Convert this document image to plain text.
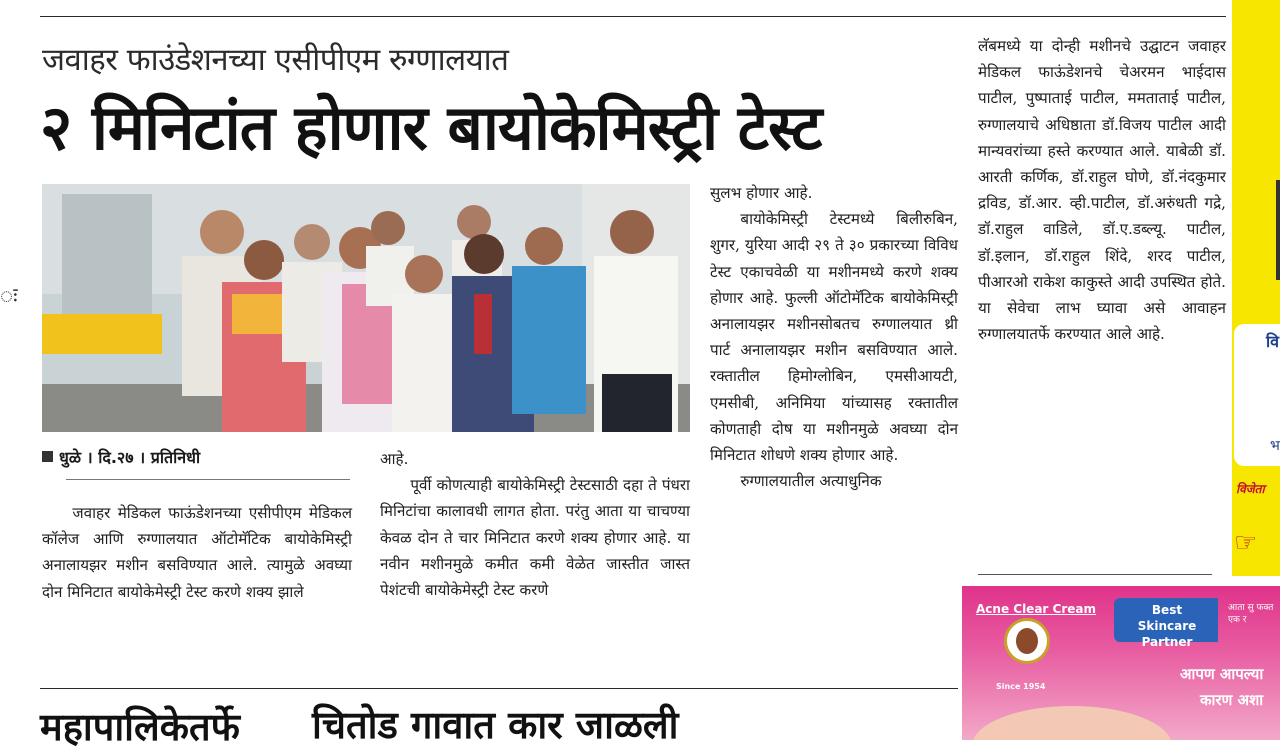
ः
जवाहर फाउंडेशनच्या एसीपीएम रुग्णालयात
२ मिनिटांत होणार बायोकेमिस्ट्री टेस्ट
धुळे । दि.२७ । प्रतिनिधी

जवाहर मेडिकल फाऊंडेशनच्या एसीपीएम मेडिकल कॉलेज आणि रुग्णालयात ऑटोमॅटिक बायोकेमिस्ट्री अनालायझर मशीन बसविण्यात आले. त्यामुळे अवघ्या दोन मिनिटात बायोकेमेस्ट्री टेस्ट करणे शक्य झाले

आहे.

पूर्वी कोणत्याही बायोकेमिस्ट्री टेस्टसाठी दहा ते पंधरा मिनिटांचा कालावधी लागत होता. परंतु आता या चाचण्या केवळ दोन ते चार मिनिटात करणे शक्य होणार आहे. या नवीन मशीनमुळे कमीत कमी वेळेत जास्तीत जास्त पेशंटची बायोकेमेस्ट्री टेस्ट करणे

सुलभ होणार आहे.

बायोकेमिस्ट्री टेस्टमध्ये बिलीरुबिन, शुगर, युरिया आदी २९ ते ३० प्रकारच्या विविध टेस्ट एकाचवेळी या मशीनमध्ये करणे शक्य होणार आहे. फुल्ली ऑटोमॅटिक बायोकेमिस्ट्री अनालायझर मशीनसोबतच रुग्णालयात थ्री पार्ट अनालायझर मशीन बसविण्यात आले. रक्तातील हिमोग्लोबिन, एमसीआयटी, एमसीबी, अनिमिया यांच्यासह रक्तातील कोणताही दोष या मशीनमुळे अवघ्या दोन मिनिटात शोधणे शक्य होणार आहे.

रुग्णालयातील अत्याधुनिक

लॅबमध्ये या दोन्ही मशीनचे उद्घाटन जवाहर मेडिकल फाऊंडेशनचे चेअरमन भाईदास पाटील, पुष्पाताई पाटील, ममताताई पाटील, रुग्णालयाचे अधिष्ठाता डॉ.विजय पाटील आदी मान्यवरांच्या हस्ते करण्यात आले. याबेळी डॉ. आरती कर्णिक, डॉ.राहुल घोणे, डॉ.नंदकुमार द्रविड, डॉ.आर. व्ही.पाटील, डॉ.अरुंधती गद्रे, डॉ.राहुल वाडिले, डॉ.ए.डब्ल्यू. पाटील, डॉ.इलान, डॉ.राहुल शिंदे, शरद पाटील, पीआरओ राकेश काकुस्ते आदी उपस्थित होते. या सेवेचा लाभ घ्यावा असे आवाहन रुग्णालयातर्फे करण्यात आले आहे.

महापालिकेतर्फे चितोड गावात कार जाळली
वि
भ
विजेता
☞
Acne Clear Cream	Best Skincare Partner
आता सु फक्त एक र
Since 1954
आपण आपल्या
कारण अशा
